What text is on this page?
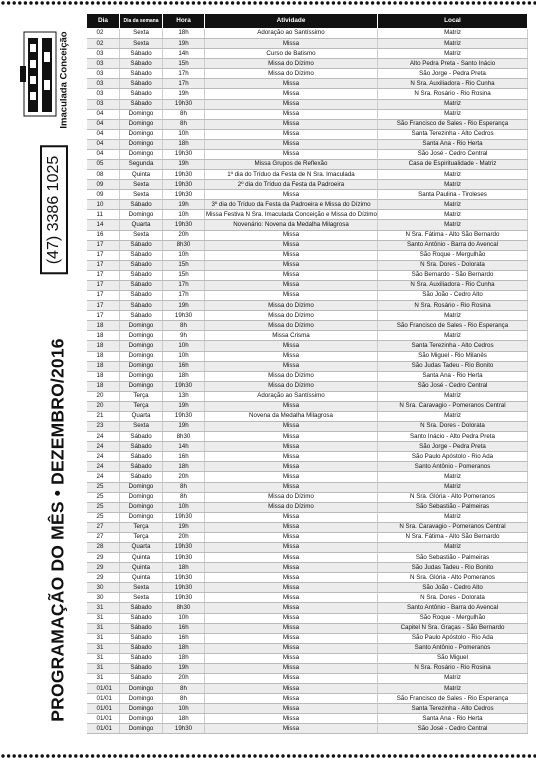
Imaculada Conceição
(47) 3386 1025
PROGRAMAÇÃO DO MÊS • DEZEMBRO/2016
Dia	Dia da semana	Hora	Atividade	Local
02	Sexta	18h	Adoração ao Santíssimo	Matriz
02	Sexta	19h	Missa	Matriz
03	Sábado	14h	Curso de Batismo	Matriz
03	Sábado	15h	Missa do Dízimo	Alto Pedra Preta - Santo Inácio
03	Sábado	17h	Missa do Dízimo	São Jorge - Pedra Preta
03	Sábado	17h	Missa	N Sra. Auxiliadora - Rio Cunha
03	Sábado	19h	Missa	N Sra. Rosário - Rio Rosina
03	Sábado	19h30	Missa	Matriz
04	Domingo	8h	Missa	Matriz
04	Domingo	8h	Missa	São Francisco de Sales - Rio Esperança
04	Domingo	10h	Missa	Santa Terezinha - Alto Cedros
04	Domingo	18h	Missa	Santa Ana - Rio Herta
04	Domingo	19h30	Missa	São José - Cedro Central
05	Segunda	19h	Missa Grupos de Reflexão	Casa de Espiritualidade - Matriz
08	Quinta	19h30	1º dia do Tríduo da Festa de N Sra. Imaculada	Matriz
09	Sexta	19h30	2º dia do Tríduo da Festa da Padroeira	Matriz
09	Sexta	19h30	Missa	Santa Paulina - Tiroleses
10	Sábado	19h	3º dia do Tríduo da Festa da Padroeira e Missa do Dízimo	Matriz
11	Domingo	10h	Missa Festiva N Sra. Imaculada Conceição e Missa do Dízimo	Matriz
14	Quarta	19h30	Novenário: Novena da Medalha Milagrosa	Matriz
16	Sexta	20h	Missa	N Sra. Fátima - Alto São Bernardo
17	Sábado	8h30	Missa	Santo Antônio - Barra do Avencal
17	Sábado	10h	Missa	São Roque - Mergulhão
17	Sábado	15h	Missa	N Sra. Dores - Dolorata
17	Sábado	15h	Missa	São Bernardo - São Bernardo
17	Sábado	17h	Missa	N Sra. Auxiliadora - Rio Cunha
17	Sábado	17h	Missa	São João - Cedro Alto
17	Sábado	19h	Missa do Dízimo	N Sra. Rosário - Rio Rosina
17	Sábado	19h30	Missa do Dízimo	Matriz
18	Domingo	8h	Missa do Dízimo	São Francisco de Sales - Rio Esperança
18	Domingo	9h	Missa Crisma	Matriz
18	Domingo	10h	Missa	Santa Terezinha - Alto Cedros
18	Domingo	10h	Missa	São Miguel - Rio Milanês
18	Domingo	16h	Missa	São Judas Tadeu - Rio Bonito
18	Domingo	18h	Missa do Dízimo	Santa Ana - Rio Herta
18	Domingo	19h30	Missa do Dízimo	São José - Cedro Central
20	Terça	13h	Adoração ao Santíssimo	Matriz
20	Terça	19h	Missa	N Sra. Caravagio - Pomeranos Central
21	Quarta	19h30	Novena da Medalha Milagrosa	Matriz
23	Sexta	19h	Missa	N Sra. Dores - Dolorata
24	Sábado	8h30	Missa	Santo Inácio - Alto Pedra Preta
24	Sábado	14h	Missa	São Jorge - Pedra Preta
24	Sábado	16h	Missa	São Paulo Apóstolo - Rio Ada
24	Sábado	18h	Missa	Santo Antônio - Pomeranos
24	Sábado	20h	Missa	Matriz
25	Domingo	8h	Missa	Matriz
25	Domingo	8h	Missa do Dízimo	N Sra. Glória - Alto Pomeranos
25	Domingo	10h	Missa do Dízimo	São Sebastião - Palmeiras
25	Domingo	19h30	Missa	Matriz
27	Terça	19h	Missa	N Sra. Caravagio - Pomeranos Central
27	Terça	20h	Missa	N Sra. Fátima - Alto São Bernardo
28	Quarta	19h30	Missa	Matriz
29	Quinta	19h30	Missa	São Sebastião - Palmeiras
29	Quinta	18h	Missa	São Judas Tadeu - Rio Bonito
29	Quinta	19h30	Missa	N Sra. Glória - Alto Pomeranos
30	Sexta	19h30	Missa	São João - Cedro Alto
30	Sexta	19h30	Missa	N Sra. Dores - Dolorata
31	Sábado	8h30	Missa	Santo Antônio - Barra do Avencal
31	Sábado	10h	Missa	São Roque - Mergulhão
31	Sábado	16h	Missa	Capitel N Sra. Graças - São Bernardo
31	Sábado	16h	Missa	São Paulo Apóstolo - Rio Ada
31	Sábado	18h	Missa	Santo Antônio - Pomeranos
31	Sábado	18h	Missa	São Miguel
31	Sábado	19h	Missa	N Sra. Rosário - Rio Rosina
31	Sábado	20h	Missa	Matriz
01/01	Domingo	8h	Missa	Matriz
01/01	Domingo	8h	Missa	São Francisco de Sales - Rio Esperança
01/01	Domingo	10h	Missa	Santa Terezinha - Alto Cedros
01/01	Domingo	18h	Missa	Santa Ana - Rio Herta
01/01	Domingo	19h30	Missa	São José - Cedro Central
